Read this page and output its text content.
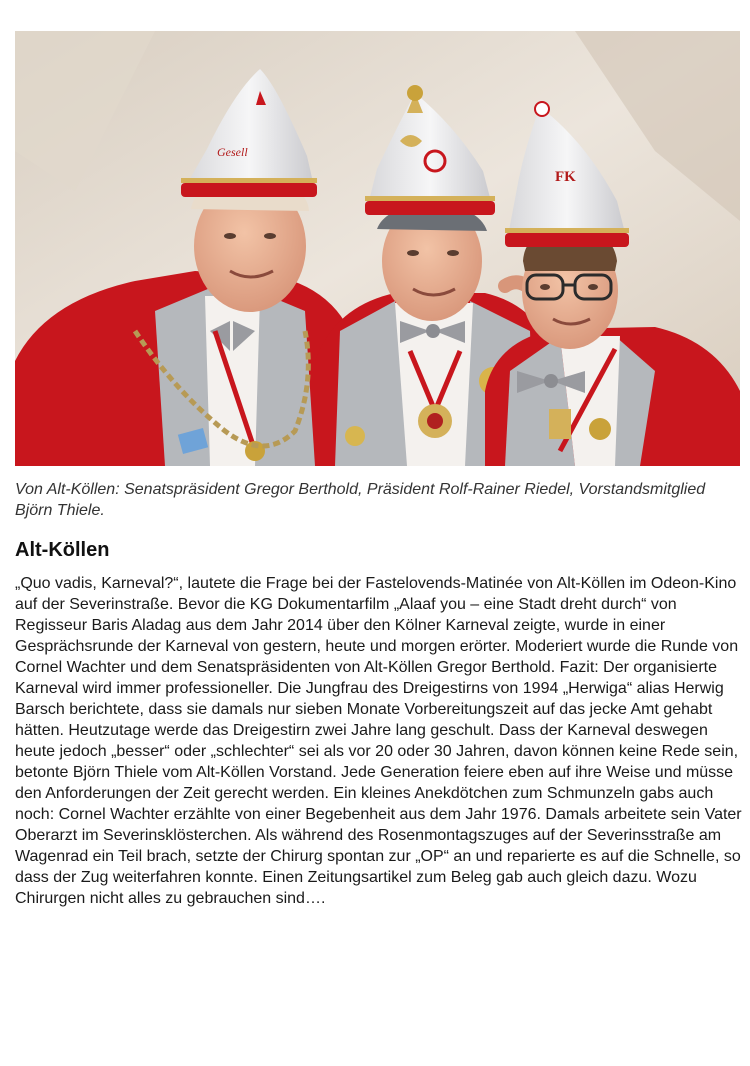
Gesell
FK
Von Alt-Köllen: Senatspräsident Gregor Berthold, Präsident Rolf-Rainer Riedel, Vorstandsmitglied Björn Thiele.
Alt-Köllen

„Quo vadis, Karneval?“, lautete die Frage bei der Fastelovends-Matinée von Alt-Köllen im Odeon-Kino auf der Severinstraße. Bevor die KG Dokumentarfilm „Alaaf you – eine Stadt dreht durch“ von Regisseur Baris Aladag aus dem Jahr 2014 über den Kölner Karneval zeigte, wurde in einer Gesprächsrunde der Karneval von gestern, heute und morgen erörter. Moderiert wurde die Runde von Cornel Wachter und dem Senatspräsidenten von Alt-Köllen Gregor Berthold. Fazit: Der organisierte Karneval wird immer professioneller. Die Jungfrau des Dreigestirns von 1994 „Herwiga“ alias Herwig Barsch berichtete, dass sie damals nur sieben Monate Vorbereitungszeit auf das jecke Amt gehabt hätten. Heutzutage werde das Dreigestirn zwei Jahre lang geschult. Dass der Karneval deswegen heute jedoch „besser“ oder „schlechter“ sei als vor 20 oder 30 Jahren, davon können keine Rede sein, betonte Björn Thiele vom Alt-Köllen Vorstand. Jede Generation feiere eben auf ihre Weise und müsse den Anforderungen der Zeit gerecht werden. Ein kleines Anekdötchen zum Schmunzeln gabs auch noch: Cornel Wachter erzählte von einer Begebenheit aus dem Jahr 1976. Damals arbeitete sein Vater Oberarzt im Severinsklösterchen. Als während des Rosenmontagszuges auf der Severinsstraße am Wagenrad ein Teil brach, setzte der Chirurg spontan zur „OP“ an und reparierte es auf die Schnelle, so dass der Zug weiterfahren konnte. Einen Zeitungsartikel zum Beleg gab auch gleich dazu. Wozu Chirurgen nicht alles zu gebrauchen sind….
